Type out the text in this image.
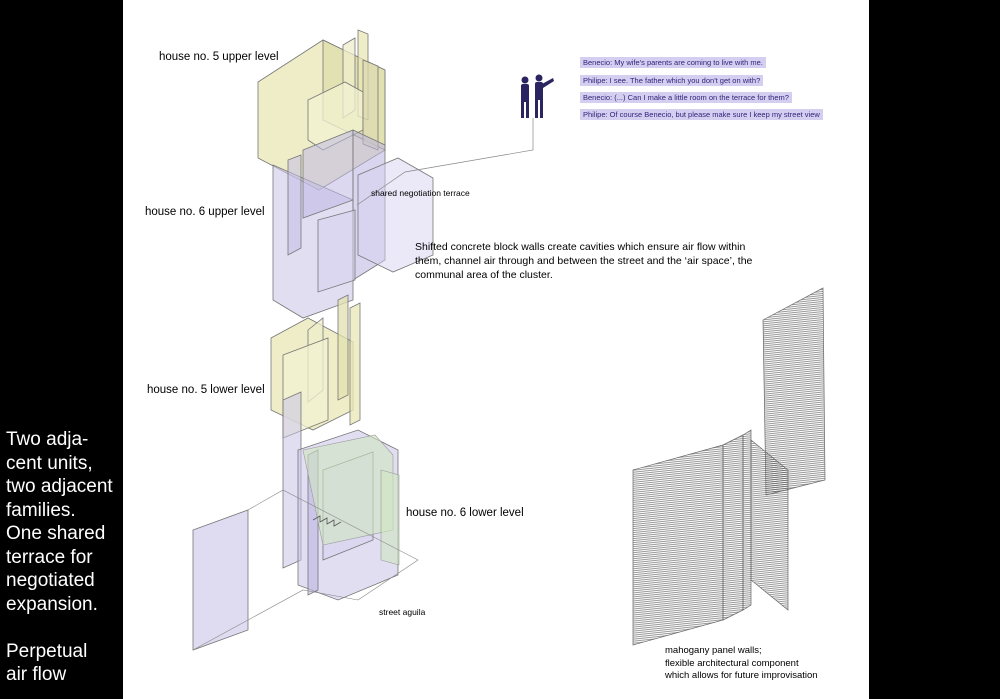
Two adja-
cent units,
two adjacent
families.
One shared
terrace for
negotiated
expansion.

Perpetual
air flow
house no. 5 upper level
house no. 6 upper level
shared negotiation terrace
house no. 5 lower level
house no. 6 lower level
street aguila
Shifted concrete block walls create cavities which ensure air flow within them, channel air through and between the street and the ‘air space’, the communal area of the cluster.
Benecio: My wife's parents are coming to live with me.
Philipe: I see. The father which you don't get on with?
Benecio: (...) Can I make a little room on the terrace for them?
Philipe: Of course Benecio, but please make sure I keep my street view
mahogany panel walls;
flexible architectural component
which allows for future improvisation
